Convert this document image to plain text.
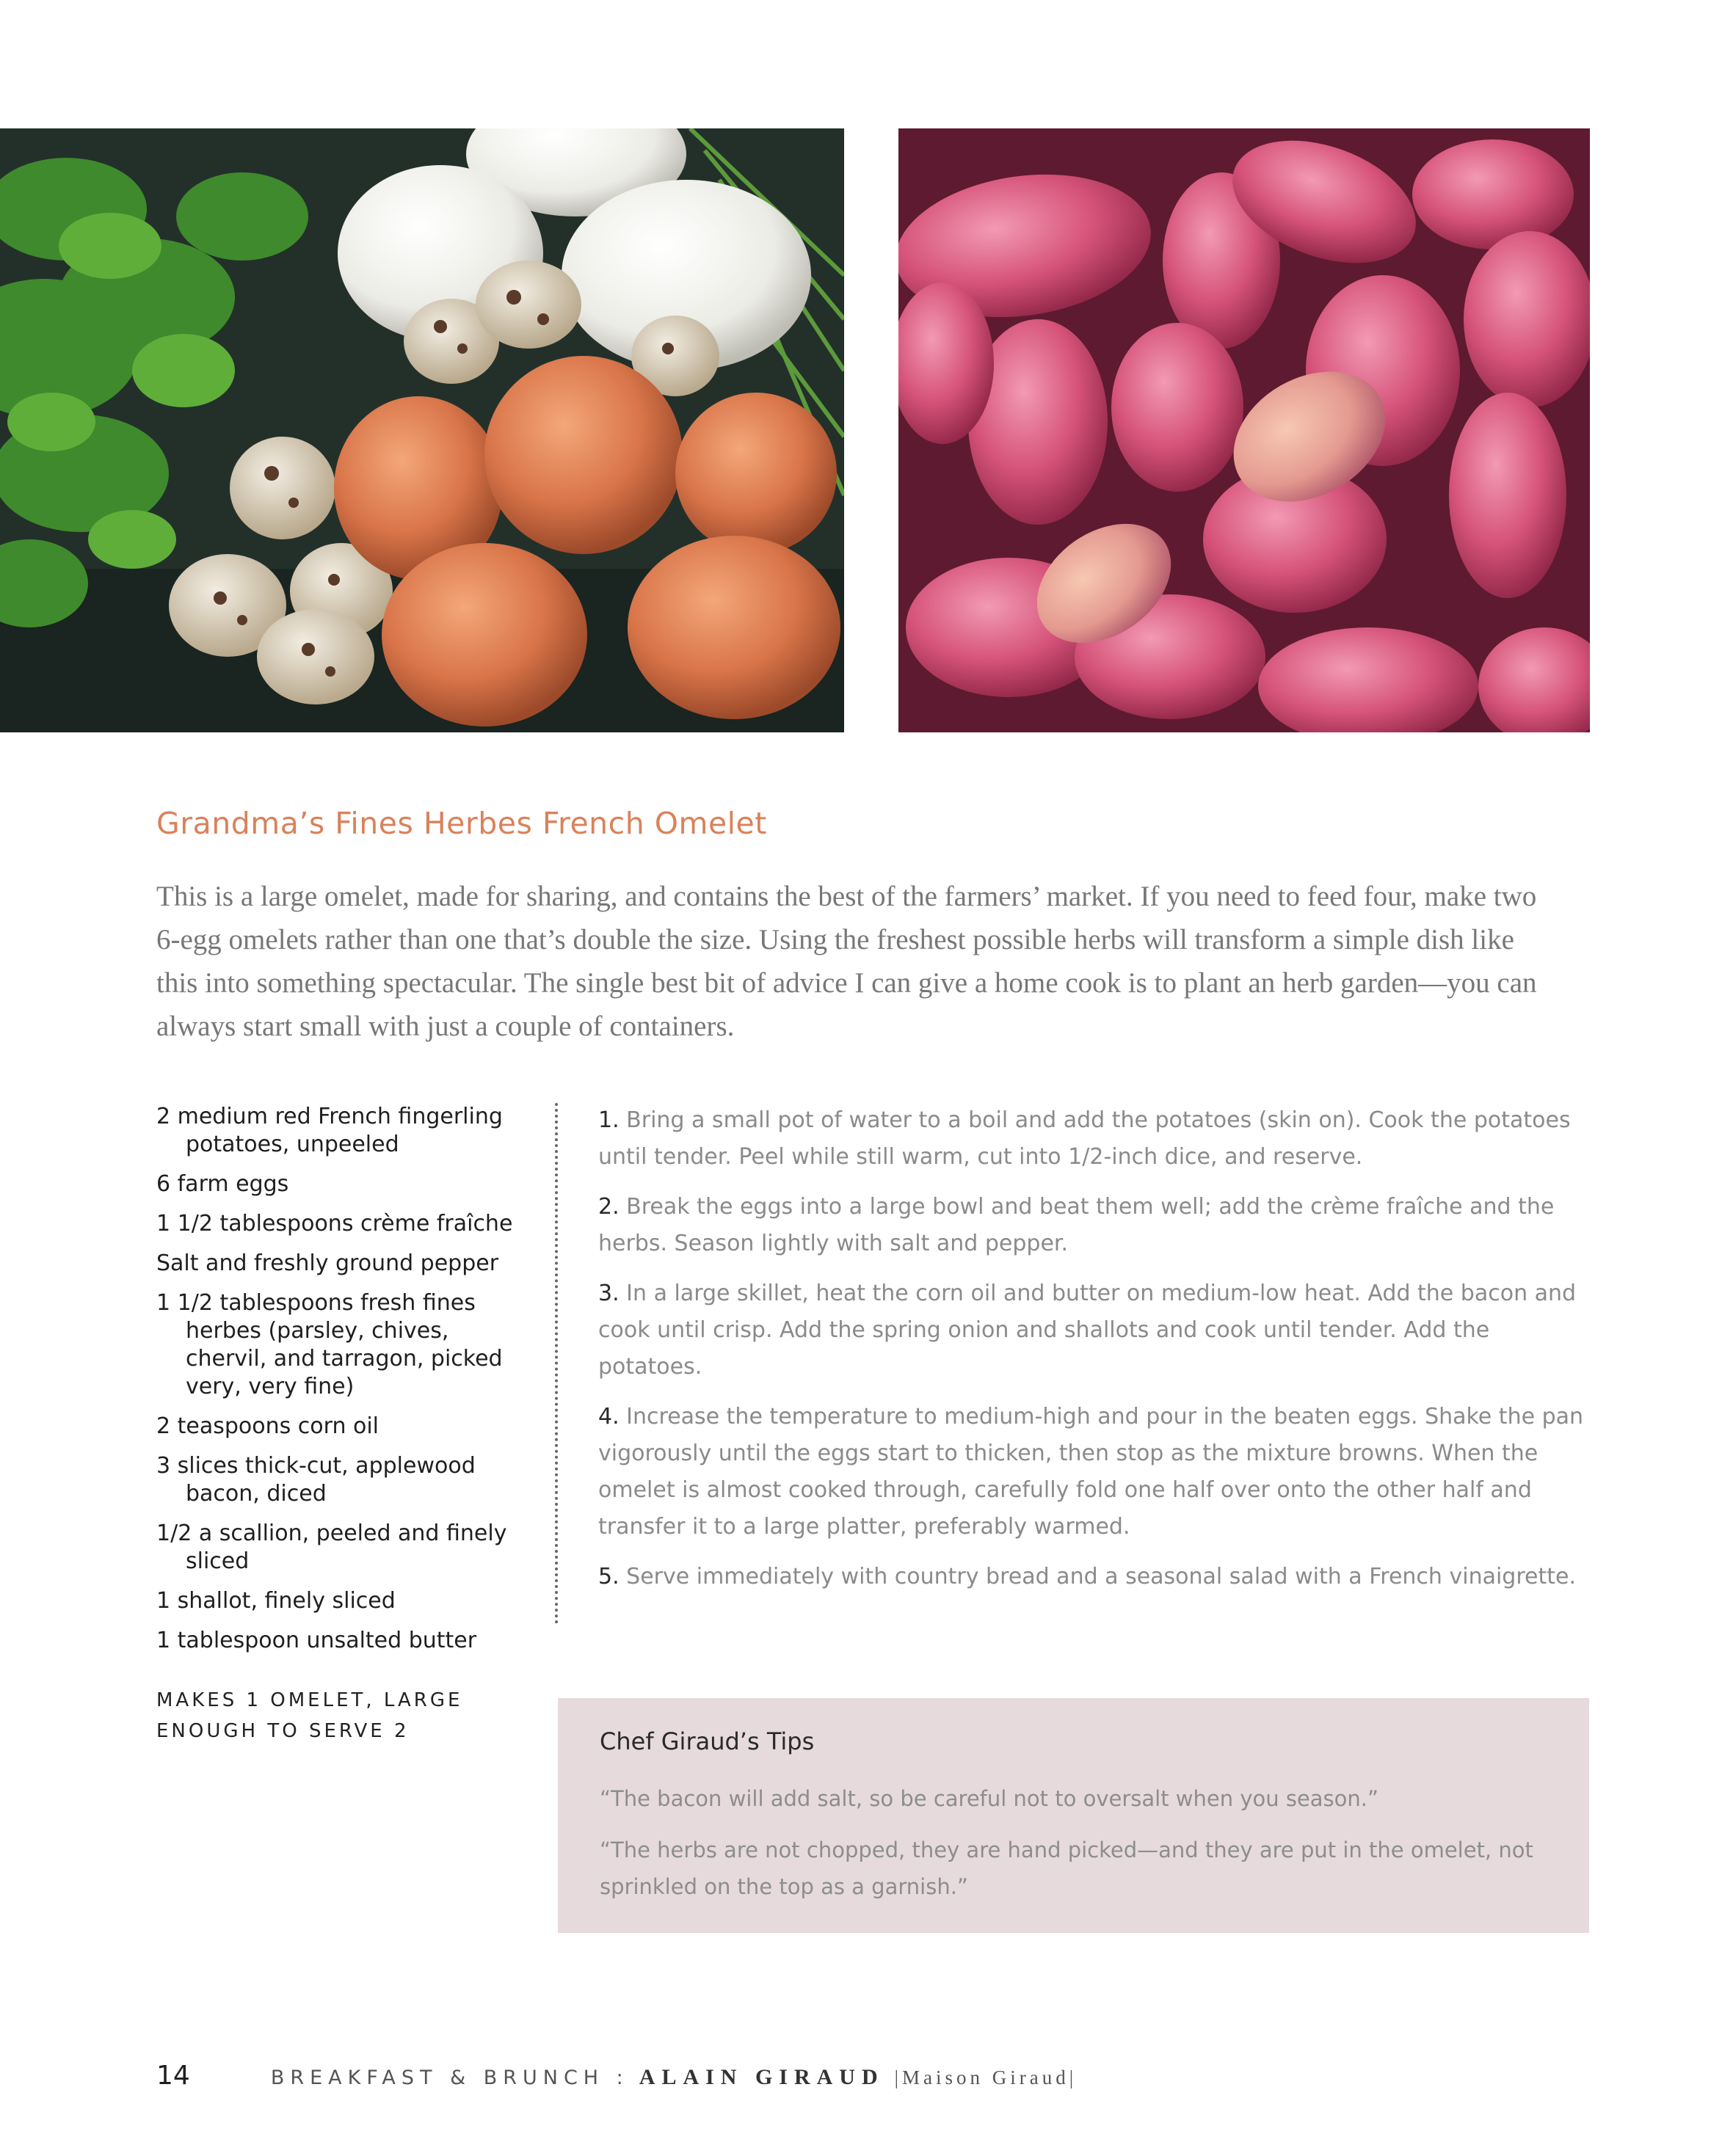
Grandma’s Fines Herbes French Omelet

This is a large omelet, made for sharing, and contains the best of the farmers’ market. If you need to feed four, make two 6-egg omelets rather than one that’s double the size. Using the freshest possible herbs will transform a simple dish like this into something spectacular. The single best bit of advice I can give a home cook is to plant an herb garden—you can always start small with just a couple of containers.

2 medium red French fingerling potatoes, unpeeled
6 farm eggs
1 1/2 tablespoons crème fraîche
Salt and freshly ground pepper
1 1/2 tablespoons fresh fines herbes (parsley, chives, chervil, and tarragon, picked very, very fine)
2 teaspoons corn oil
3 slices thick-cut, applewood bacon, diced
1/2 a scallion, peeled and finely sliced
1 shallot, finely sliced
1 tablespoon unsalted butter
MAKES 1 OMELET, LARGE ENOUGH TO SERVE 2

1. Bring a small pot of water to a boil and add the potatoes (skin on). Cook the potatoes until tender. Peel while still warm, cut into 1/2-inch dice, and reserve.

2. Break the eggs into a large bowl and beat them well; add the crème fraîche and the herbs. Season lightly with salt and pepper.

3. In a large skillet, heat the corn oil and butter on medium-low heat. Add the bacon and cook until crisp. Add the spring onion and shallots and cook until tender. Add the potatoes.

4. Increase the temperature to medium-high and pour in the beaten eggs. Shake the pan vigorously until the eggs start to thicken, then stop as the mixture browns. When the omelet is almost cooked through, carefully fold one half over onto the other half and transfer it to a large platter, preferably warmed.

5. Serve immediately with country bread and a seasonal salad with a French vinaigrette.

Chef Giraud’s Tips

“The bacon will add salt, so be careful not to oversalt when you season.”

“The herbs are not chopped, they are hand picked—and they are put in the omelet, not sprinkled on the top as a garnish.”

14	BREAKFAST & BRUNCH : ALAIN GIRAUD |Maison Giraud|
